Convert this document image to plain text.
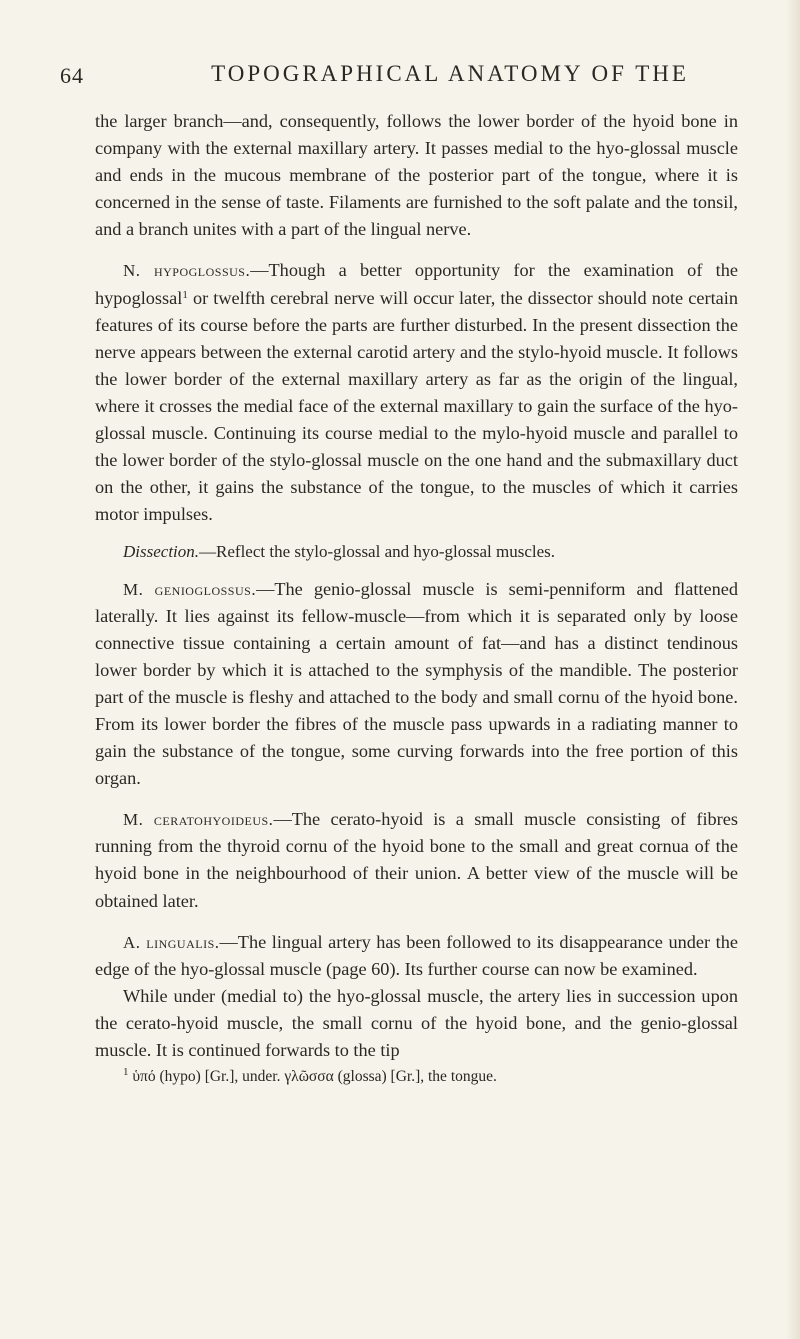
64	TOPOGRAPHICAL ANATOMY OF THE

the larger branch—and, consequently, follows the lower border of the hyoid bone in company with the external maxillary artery. It passes medial to the hyo-glossal muscle and ends in the mucous membrane of the posterior part of the tongue, where it is concerned in the sense of taste. Filaments are furnished to the soft palate and the tonsil, and a branch unites with a part of the lingual nerve.

N. hypoglossus.—Though a better opportunity for the examination of the hypoglossal$^1$ or twelfth cerebral nerve will occur later, the dissector should note certain features of its course before the parts are further disturbed. In the present dissection the nerve appears between the external carotid artery and the stylo-hyoid muscle. It follows the lower border of the external maxillary artery as far as the origin of the lingual, where it crosses the medial face of the external maxillary to gain the surface of the hyo-glossal muscle. Continuing its course medial to the mylo-hyoid muscle and parallel to the lower border of the stylo-glossal muscle on the one hand and the submaxillary duct on the other, it gains the substance of the tongue, to the muscles of which it carries motor impulses.

Dissection.—Reflect the stylo-glossal and hyo-glossal muscles.

M. genioglossus.—The genio-glossal muscle is semi-penniform and flattened laterally. It lies against its fellow-muscle—from which it is separated only by loose connective tissue containing a certain amount of fat—and has a distinct tendinous lower border by which it is attached to the symphysis of the mandible. The posterior part of the muscle is fleshy and attached to the body and small cornu of the hyoid bone. From its lower border the fibres of the muscle pass upwards in a radiating manner to gain the substance of the tongue, some curving forwards into the free portion of this organ.

M. ceratohyoideus.—The cerato-hyoid is a small muscle consisting of fibres running from the thyroid cornu of the hyoid bone to the small and great cornua of the hyoid bone in the neighbourhood of their union. A better view of the muscle will be obtained later.

A. lingualis.—The lingual artery has been followed to its disappearance under the edge of the hyo-glossal muscle (page 60). Its further course can now be examined.

While under (medial to) the hyo-glossal muscle, the artery lies in succession upon the cerato-hyoid muscle, the small cornu of the hyoid bone, and the genio-glossal muscle. It is continued forwards to the tip

$^1$ ὑπό (hypo) [Gr.], under. γλῶσσα (glossa) [Gr.], the tongue.
